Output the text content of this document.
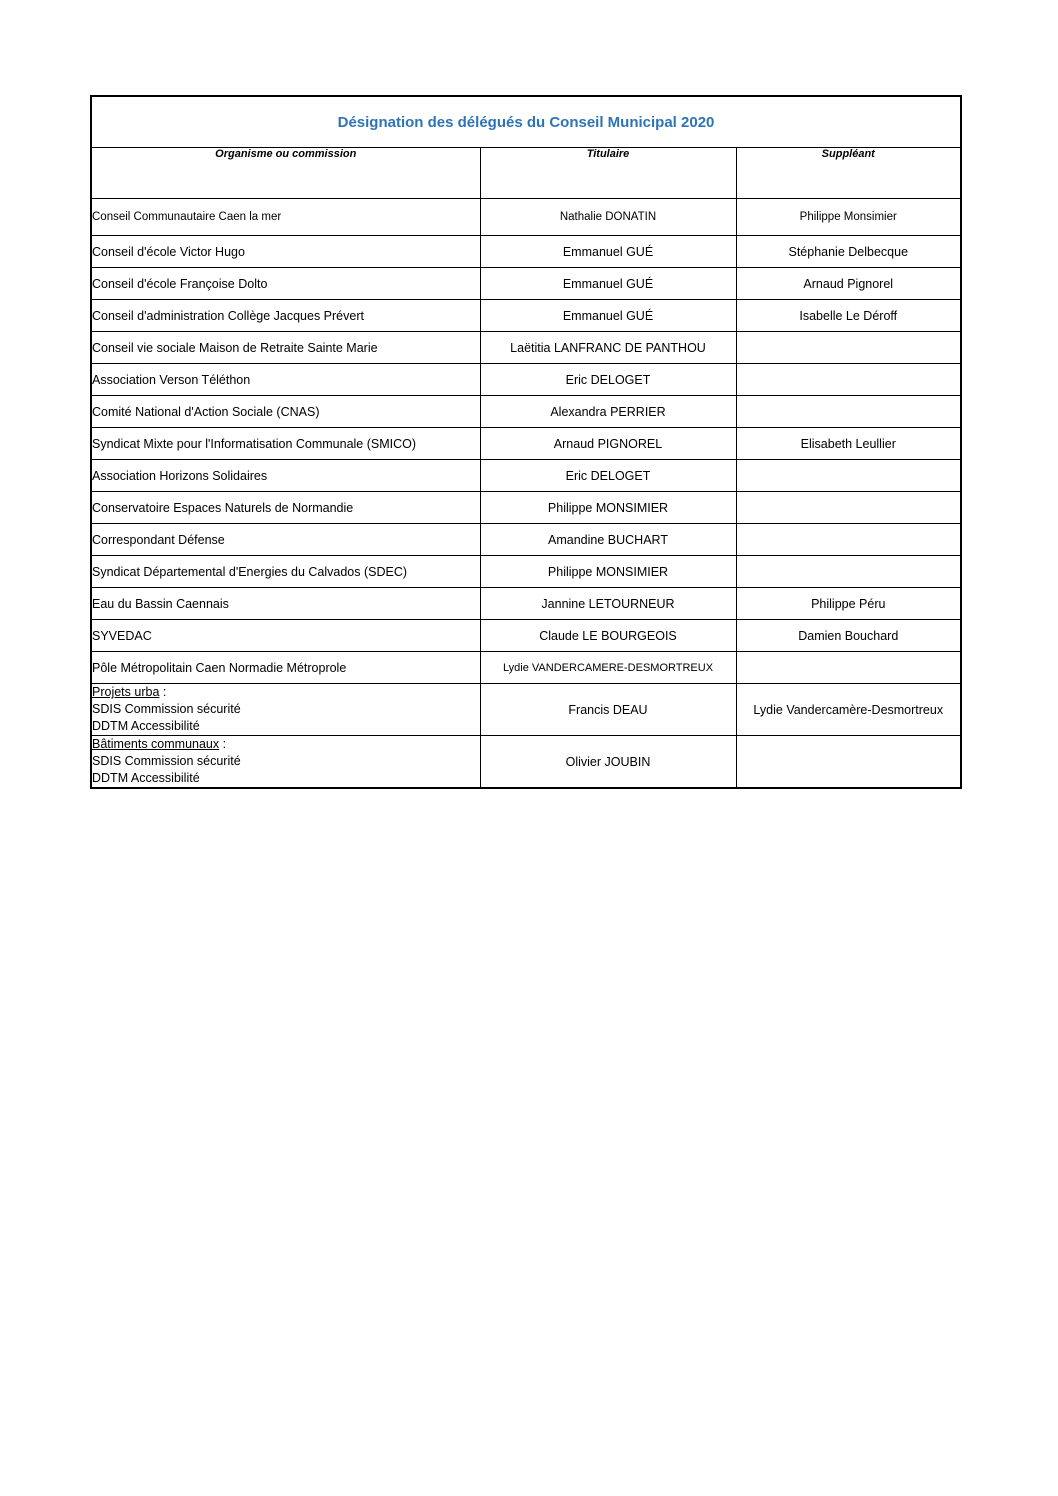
Désignation des délégués du Conseil Municipal 2020		
Organisme ou commission	Titulaire	Suppléant
Conseil Communautaire Caen la mer	Nathalie DONATIN	Philippe Monsimier
Conseil d'école Victor Hugo	Emmanuel GUÉ	Stéphanie Delbecque
Conseil d'école Françoise Dolto	Emmanuel GUÉ	Arnaud Pignorel
Conseil d'administration Collège Jacques Prévert	Emmanuel GUÉ	Isabelle Le Déroff
Conseil vie sociale Maison de Retraite Sainte Marie	Laëtitia LANFRANC DE PANTHOU	
Association Verson Téléthon	Eric DELOGET	
Comité National d'Action Sociale (CNAS)	Alexandra PERRIER	
Syndicat Mixte pour l'Informatisation Communale (SMICO)	Arnaud PIGNOREL	Elisabeth Leullier
Association Horizons Solidaires	Eric DELOGET	
Conservatoire Espaces Naturels de Normandie	Philippe MONSIMIER	
Correspondant Défense	Amandine BUCHART	
Syndicat Départemental d'Energies du Calvados (SDEC)	Philippe MONSIMIER	
Eau du Bassin Caennais	Jannine LETOURNEUR	Philippe Péru
SYVEDAC	Claude LE BOURGEOIS	Damien Bouchard
Pôle Métropolitain Caen Normadie Métroprole	Lydie VANDERCAMERE-DESMORTREUX	
Projets urba :
SDIS Commission sécurité
DDTM Accessibilité	Francis DEAU	Lydie Vandercamère-Desmortreux
Bâtiments communaux :
SDIS Commission sécurité
DDTM Accessibilité	Olivier JOUBIN	
